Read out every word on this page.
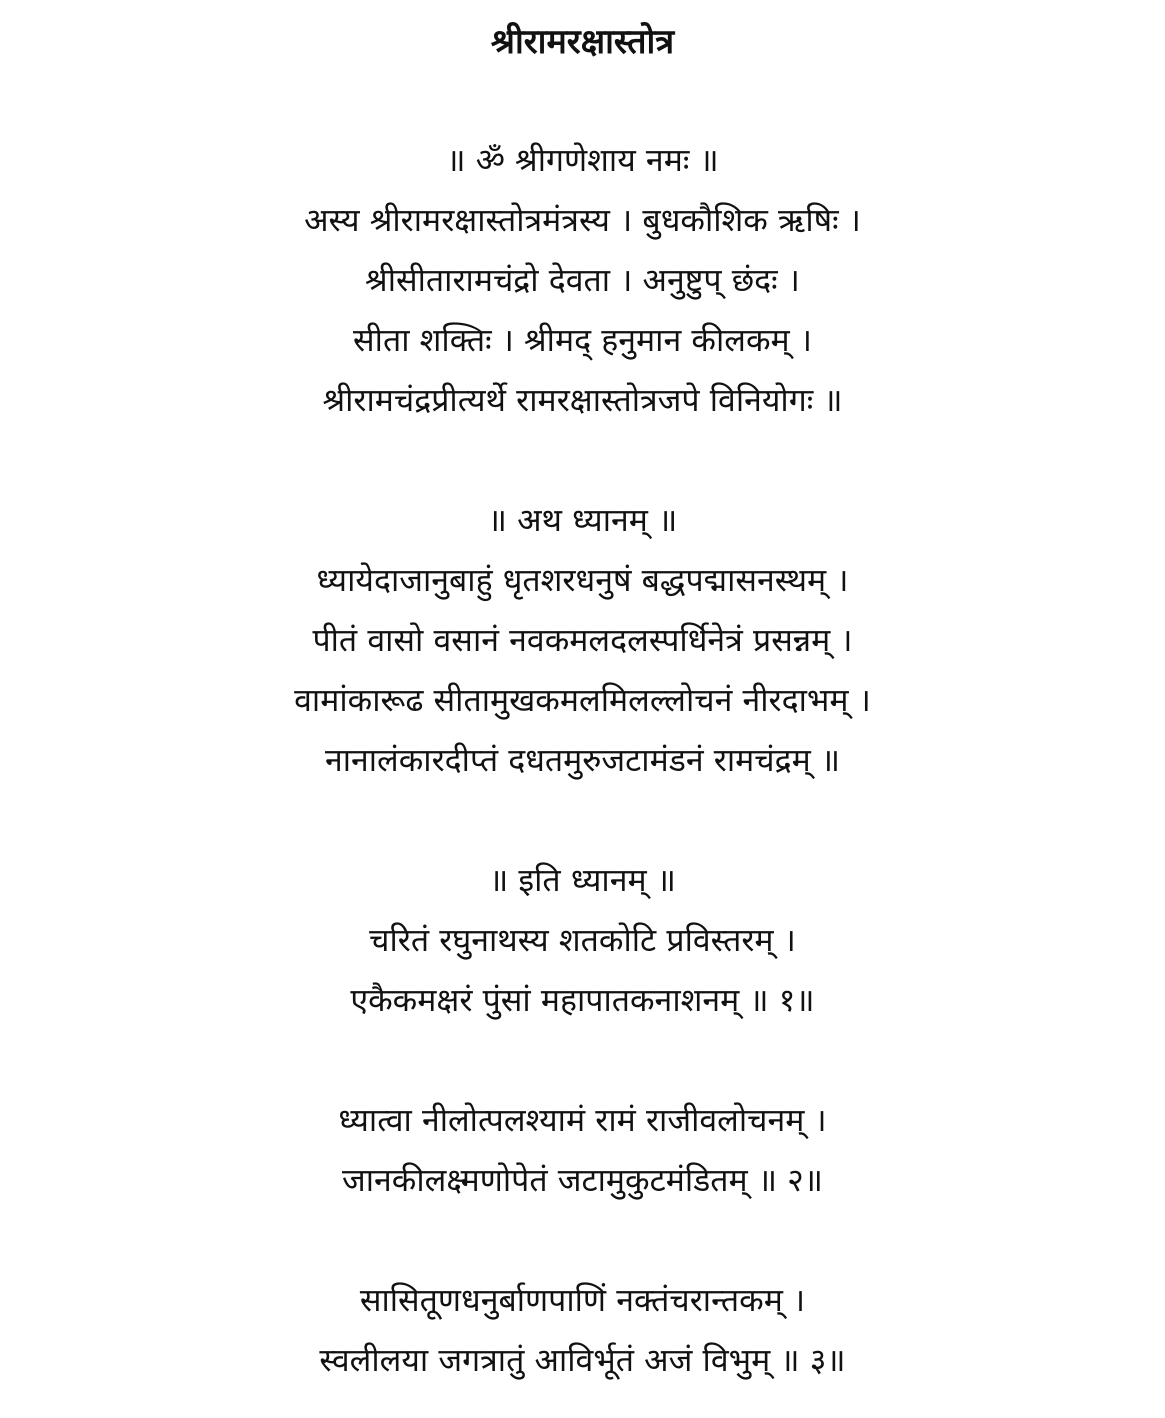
श्रीरामरक्षास्तोत्र
॥ ॐ श्रीगणेशाय नमः ॥
अस्य श्रीरामरक्षास्तोत्रमंत्रस्य । बुधकौशिक ऋषिः ।
श्रीसीतारामचंद्रो देवता । अनुष्टुप् छंदः ।
सीता शक्तिः । श्रीमद् हनुमान कीलकम् ।
श्रीरामचंद्रप्रीत्यर्थे रामरक्षास्तोत्रजपे विनियोगः ॥
॥ अथ ध्यानम् ॥
ध्यायेदाजानुबाहुं धृतशरधनुषं बद्धपद्मासनस्थम् ।
पीतं वासो वसानं नवकमलदलस्पर्धिनेत्रं प्रसन्नम् ।
वामांकारूढ सीतामुखकमलमिलल्लोचनं नीरदाभम् ।
नानालंकारदीप्तं दधतमुरुजटामंडनं रामचंद्रम् ॥
॥ इति ध्यानम् ॥
चरितं रघुनाथस्य शतकोटि प्रविस्तरम् ।
एकैकमक्षरं पुंसां महापातकनाशनम् ॥ १॥
ध्यात्वा नीलोत्पलश्यामं रामं राजीवलोचनम् ।
जानकीलक्ष्मणोपेतं जटामुकुटमंडितम् ॥ २॥
सासितूणधनुर्बाणपाणिं नक्तंचरान्तकम् ।
स्वलीलया जगत्रातुं आविर्भूतं अजं विभुम् ॥ ३॥
